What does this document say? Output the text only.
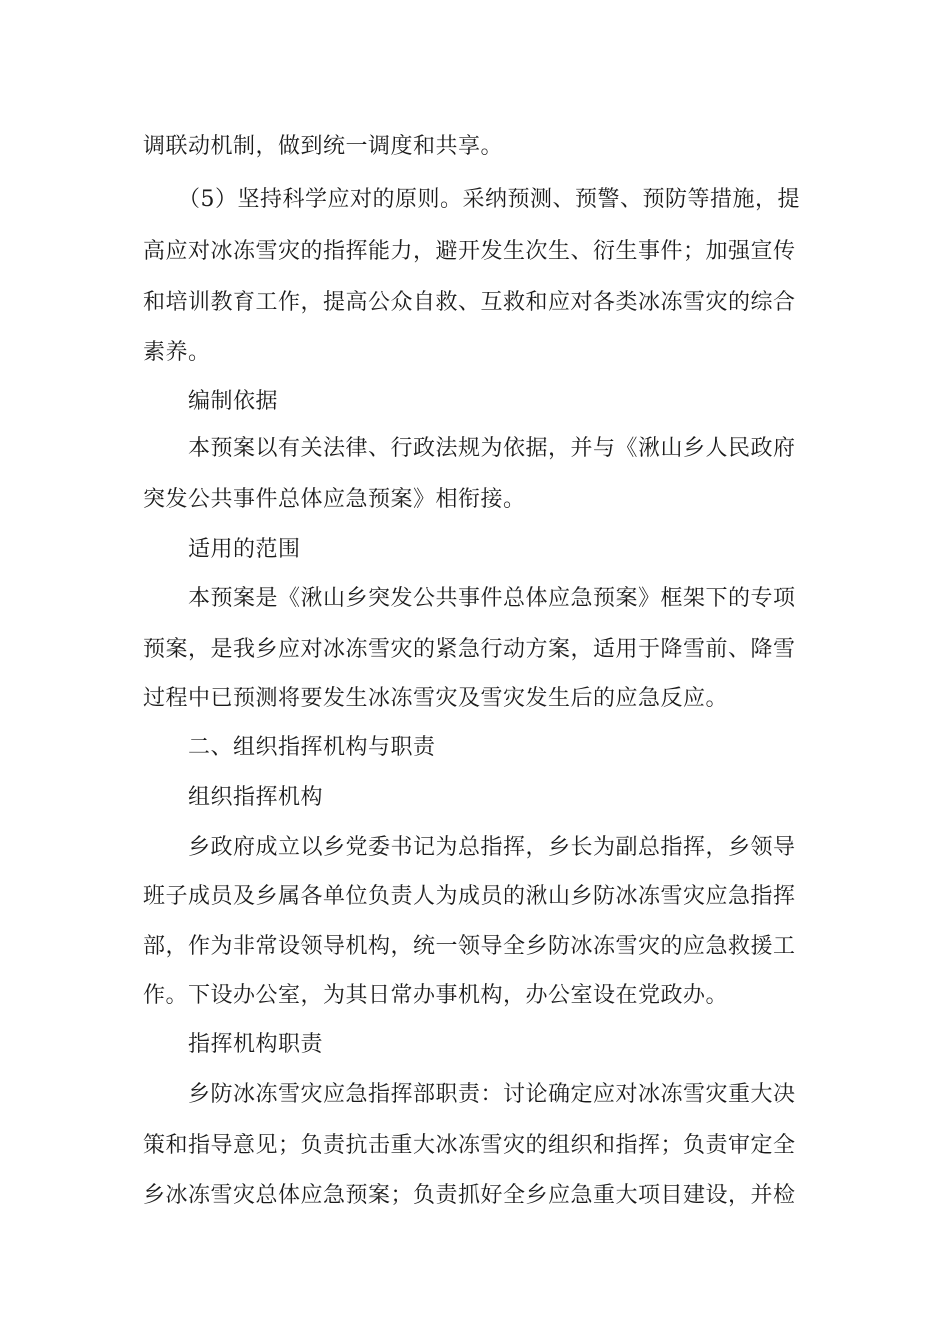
调联动机制，做到统一调度和共享。
（5）坚持科学应对的原则。采纳预测、预警、预防等措施，提
高应对冰冻雪灾的指挥能力，避开发生次生、衍生事件；加强宣传
和培训教育工作，提高公众自救、互救和应对各类冰冻雪灾的综合
素养。
编制依据
本预案以有关法律、行政法规为依据，并与《湫山乡人民政府
突发公共事件总体应急预案》相衔接。
适用的范围
本预案是《湫山乡突发公共事件总体应急预案》框架下的专项
预案，是我乡应对冰冻雪灾的紧急行动方案，适用于降雪前、降雪
过程中已预测将要发生冰冻雪灾及雪灾发生后的应急反应。
二、组织指挥机构与职责
组织指挥机构
乡政府成立以乡党委书记为总指挥，乡长为副总指挥，乡领导
班子成员及乡属各单位负责人为成员的湫山乡防冰冻雪灾应急指挥
部，作为非常设领导机构，统一领导全乡防冰冻雪灾的应急救援工
作。下设办公室，为其日常办事机构，办公室设在党政办。
指挥机构职责
乡防冰冻雪灾应急指挥部职责：讨论确定应对冰冻雪灾重大决
策和指导意见；负责抗击重大冰冻雪灾的组织和指挥；负责审定全
乡冰冻雪灾总体应急预案；负责抓好全乡应急重大项目建设，并检
